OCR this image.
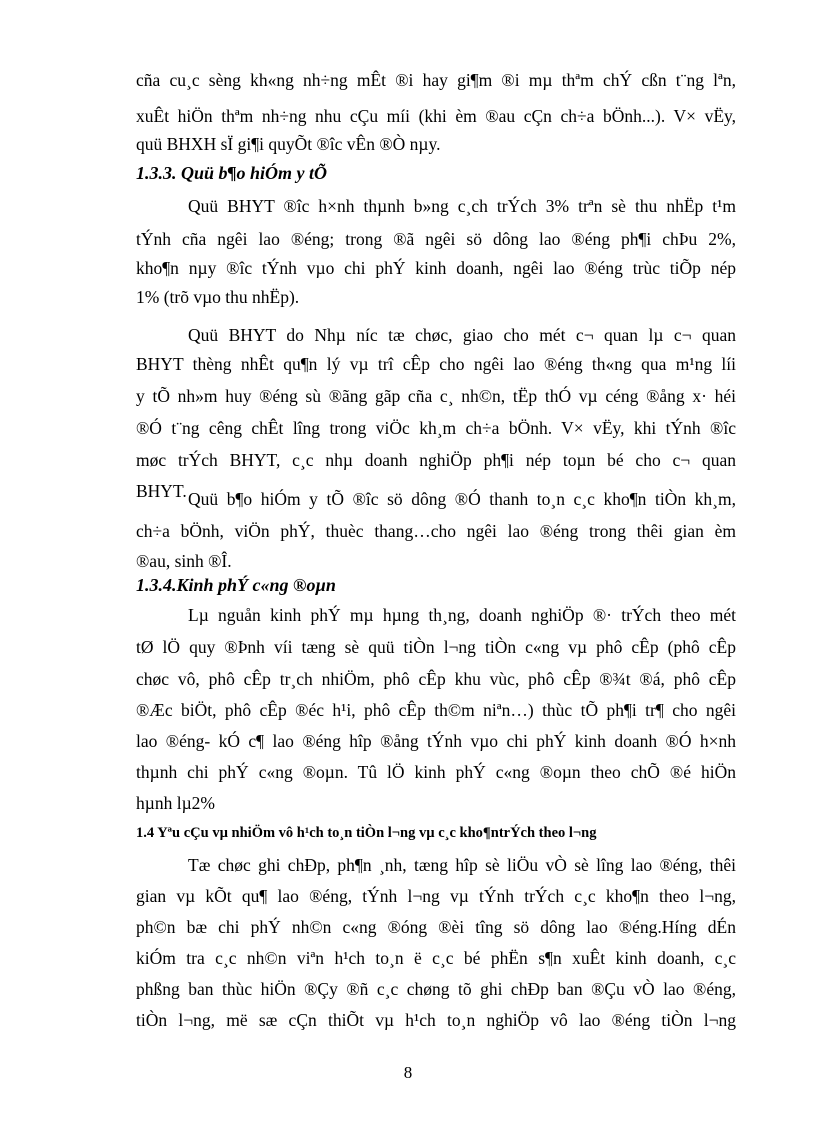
cña cu¸c sèng kh«ng nh÷ng mÊt ®i hay gi¶m ®i mµ thªm chÝ cßn t¨ng lªn,
xuÊt hiÖn thªm nh÷ng nhu cÇu míi (khi èm ®au cÇn ch÷a bÖnh...). V× vËy,
quü BHXH sÏ gi¶i quyÕt ®îc vÊn ®Ò nµy.
1.3.3. Quü b¶o hiÓm y tÕ
Quü BHYT ®îc h×nh thµnh b»ng c¸ch trÝch 3% trªn sè thu nhËp t¹m
tÝnh cña ngêi lao ®éng; trong ®ã ngêi sö dông lao ®éng ph¶i chÞu 2%,
kho¶n nµy ®îc tÝnh vµo chi phÝ kinh doanh, ngêi lao ®éng trùc tiÕp nép
1% (trõ vµo thu nhËp).
Quü BHYT do Nhµ níc tæ chøc, giao cho mét c¬ quan lµ c¬ quan
BHYT thèng nhÊt qu¶n lý vµ trî cÊp cho ngêi lao ®éng th«ng qua m¹ng líi
y tÕ nh»m huy ®éng sù ®ãng gãp cña c¸ nh©n, tËp thÓ vµ céng ®ång x· héi
®Ó t¨ng cêng chÊt lîng trong viÖc kh¸m ch÷a bÖnh. V× vËy, khi tÝnh ®îc
møc trÝch BHYT, c¸c nhµ doanh nghiÖp ph¶i nép toµn bé cho c¬ quan
BHYT. Quü b¶o hiÓm y tÕ ®îc sö dông ®Ó thanh to¸n c¸c kho¶n tiÒn kh¸m,
ch÷a bÖnh, viÖn phÝ, thuèc thang…cho ngêi lao ®éng trong thêi gian èm
®au, sinh ®Î.
1.3.4.Kinh phÝ c«ng ®oµn
Lµ nguån kinh phÝ mµ hµng th¸ng, doanh nghiÖp ®· trÝch theo mét
tØ lÖ quy ®Þnh víi tæng sè quü tiÒn l¬ng tiÒn c«ng vµ phô cÊp (phô cÊp
chøc vô, phô cÊp tr¸ch nhiÖm, phô cÊp khu vùc, phô cÊp ®¾t ®á, phô cÊp
®Æc biÖt, phô cÊp ®éc h¹i, phô cÊp th©m niªn…) thùc tÕ ph¶i tr¶ cho ngêi
lao ®éng- kÓ c¶ lao ®éng hîp ®ång tÝnh vµo chi phÝ kinh doanh ®Ó h×nh
thµnh chi phÝ c«ng ®oµn. Tû lÖ kinh phÝ c«ng ®oµn theo chÕ ®é hiÖn
hµnh lµ2%
1.4 Yªu cÇu vµ nhiÖm vô h¹ch to¸n tiÒn l¬ng vµ c¸c kho¶ntrÝch theo l¬ng
Tæ chøc ghi chÐp, ph¶n ¸nh, tæng hîp sè liÖu vÒ sè lîng lao ®éng, thêi
gian vµ kÕt qu¶ lao ®éng, tÝnh l¬ng vµ tÝnh trÝch c¸c kho¶n theo l¬ng,
ph©n bæ chi phÝ nh©n c«ng ®óng ®èi tîng sö dông lao ®éng.Híng dÉn
kiÓm tra c¸c nh©n viªn h¹ch to¸n ë c¸c bé phËn s¶n xuÊt kinh doanh, c¸c
phßng ban thùc hiÖn ®Çy ®ñ c¸c chøng tõ ghi chÐp ban ®Çu vÒ lao ®éng,
tiÒn l¬ng, më sæ cÇn thiÕt vµ h¹ch to¸n nghiÖp vô lao ®éng tiÒn l¬ng
8
